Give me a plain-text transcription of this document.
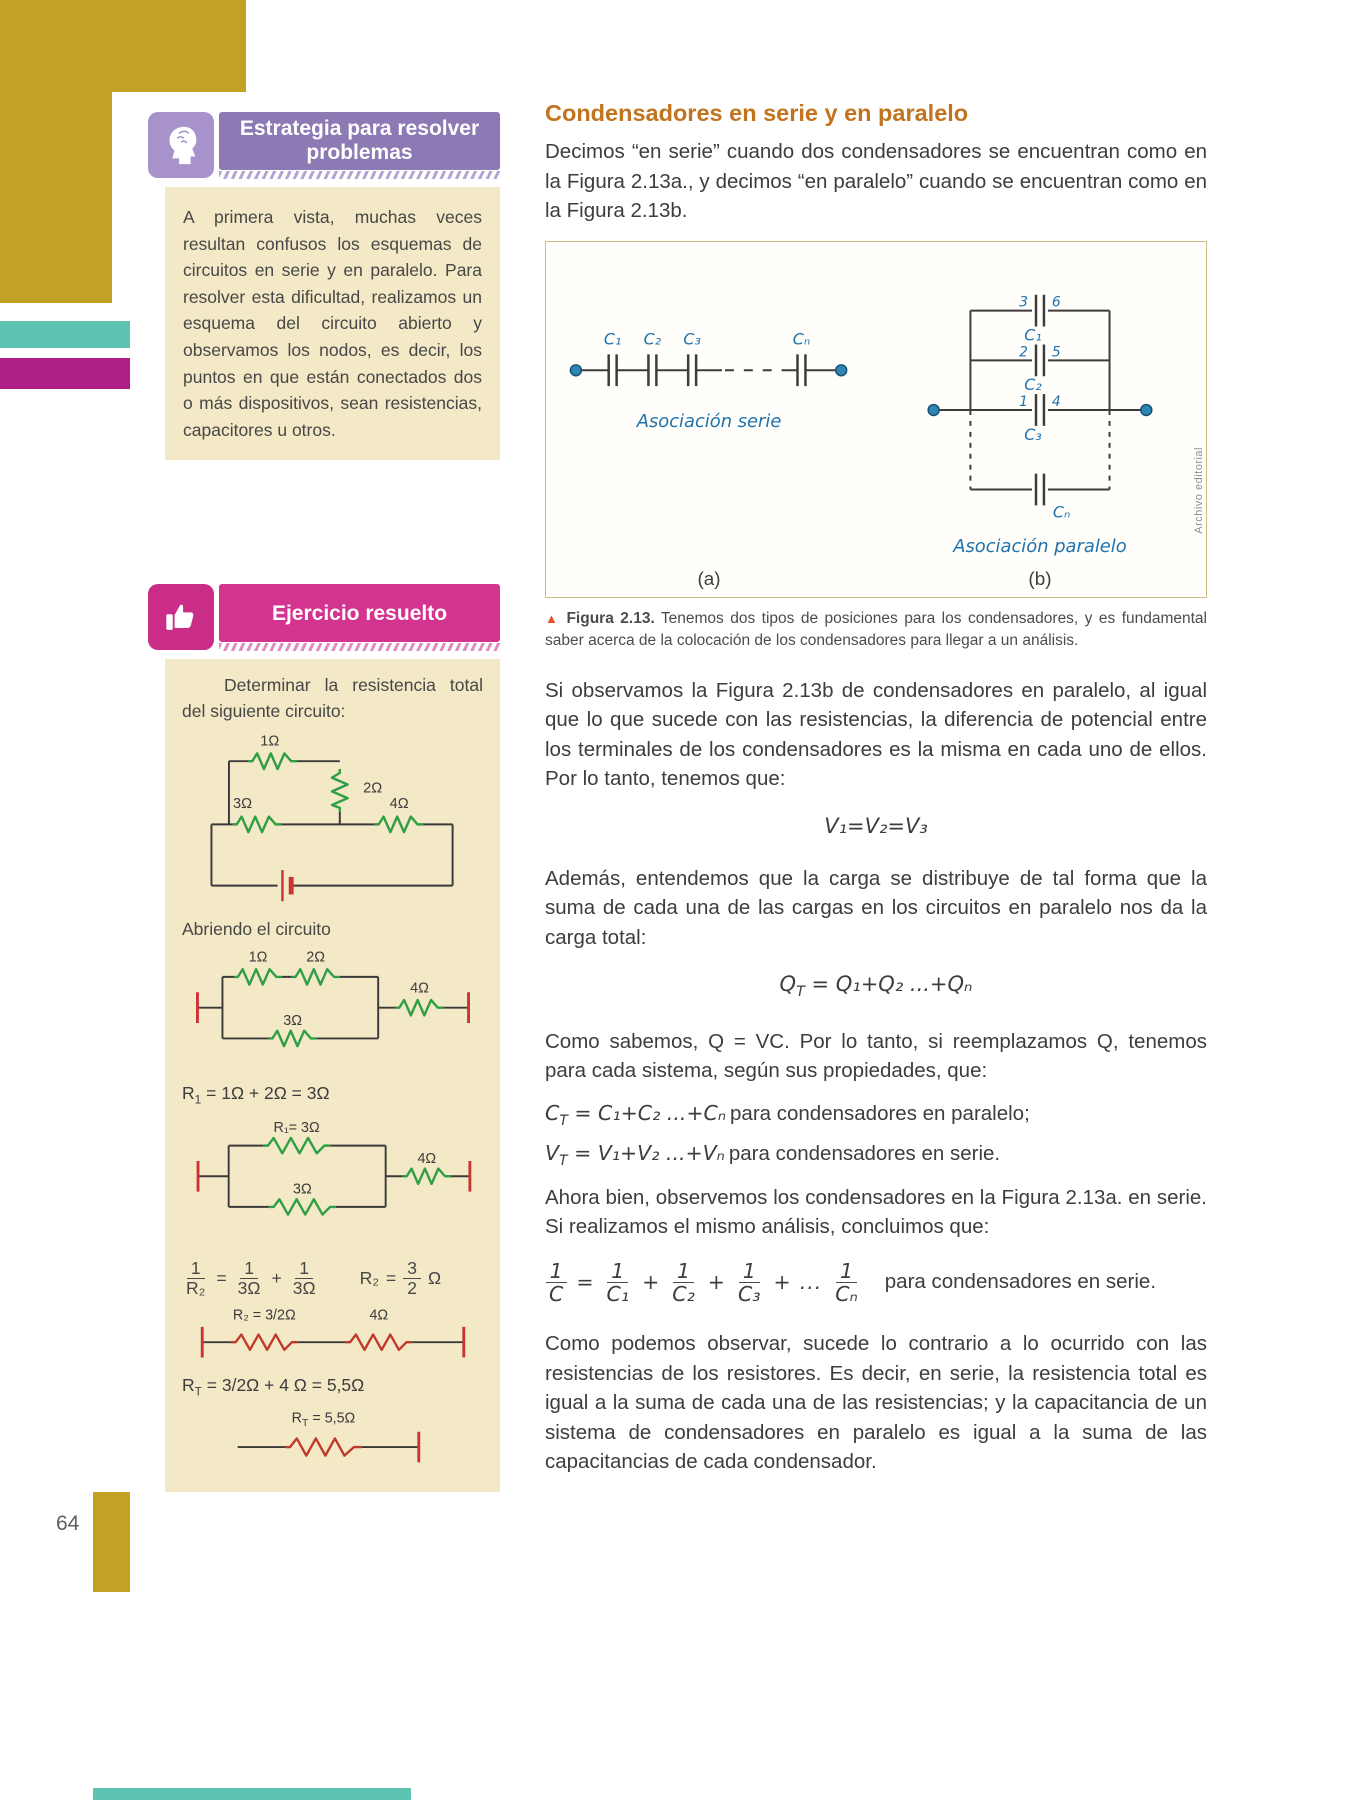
64
Estrategia para resolver problemas
A primera vista, muchas veces resultan confusos los esquemas de circuitos en serie y en paralelo. Para resolver esta dificultad, realizamos un esquema del circuito abierto y observamos los nodos, es decir, los puntos en que están conectados dos o más dispositivos, sean resistencias, capacitores u otros.
Ejercicio resuelto
Determinar la resistencia total del siguiente circuito:
1Ω
2Ω
3Ω	4Ω
Abriendo el circuito
1Ω	2Ω
3Ω
4Ω
$R_1 = 1\Omega + 2\Omega = 3\Omega$
R₁= 3Ω
3Ω
4Ω
$\frac{1}{\text{R₂}} = \frac{1}{3\Omega} + \frac{1}{3\Omega} R_2 = \frac{3}{2}$ Ω
R₂ = 3/2Ω	4Ω
$R_T = 3/2\Omega + 4$ Ω = 5,5Ω
$R_T = 5,5\Omega$
Condensadores en serie y en paralelo

Decimos “en serie” cuando dos condensadores se encuentran como en la Figura 2.13a., y decimos “en paralelo” cuando se encuentran como en la Figura 2.13b.

C₁ C₂ C₃	Cₙ
Asociación serie
3 6
C₁
2 5
C₂
1 4
C₃
Cₙ
Asociación paralelo
(a)	(b)
Archivo editorial
▲ Figura 2.13. Tenemos dos tipos de posiciones para los condensadores, y es fundamental saber acerca de la colocación de los condensadores para llegar a un análisis.

Si observamos la Figura 2.13b de condensadores en paralelo, al igual que lo que sucede con las resistencias, la diferencia de potencial entre los terminales de los condensadores es la misma en cada uno de ellos. Por lo tanto, tenemos que:

V₁=V₂=V₃

Además, entendemos que la carga se distribuye de tal forma que la suma de cada una de las cargas en los circuitos en paralelo nos da la carga total:

$Q_T = Q_1+Q_2$ ...+Qₙ

Como sabemos, Q = VC. Por lo tanto, si reemplazamos Q, tenemos para cada sistema, según sus propiedades, que:

$C_T = C_1+C_2$ ...+Cₙ para condensadores en paralelo;
$V_T = V_1+V_2$ ...+Vₙ para condensadores en serie.

Ahora bien, observemos los condensadores en la Figura 2.13a. en serie. Si realizamos el mismo análisis, concluimos que:

$\frac{1}{C} = \frac{1}{\text{C₁}} + \frac{1}{\text{C₂}} + \frac{1}{\text{C₃}}$ + ... $\frac{1}{\text{Cₙ}}$ para condensadores en serie.

Como podemos observar, sucede lo contrario a lo ocurrido con las resistencias de los resistores. Es decir, en serie, la resistencia total es igual a la suma de cada una de las resistencias; y la capacitancia de un sistema de condensadores en paralelo es igual a la suma de las capacitancias de cada condensador.
